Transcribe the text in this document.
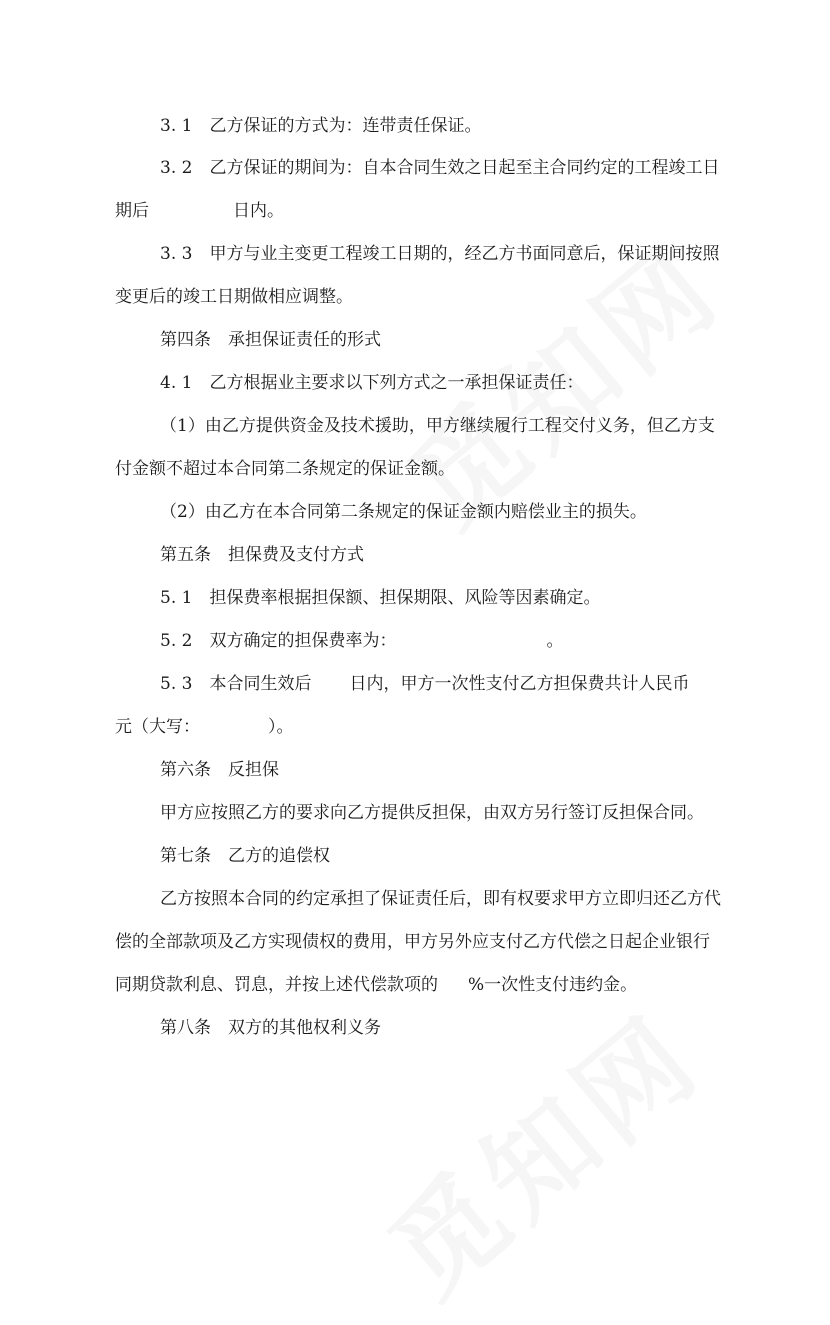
3. 1　乙方保证的方式为：连带责任保证。
3. 2　乙方保证的期间为：自本合同生效之日起至主合同约定的工程竣工日
期后	日内。
3. 3　甲方与业主变更工程竣工日期的，经乙方书面同意后，保证期间按照
变更后的竣工日期做相应调整。
第四条　承担保证责任的形式
4. 1　乙方根据业主要求以下列方式之一承担保证责任：
（1）由乙方提供资金及技术援助，甲方继续履行工程交付义务，但乙方支
付金额不超过本合同第二条规定的保证金额。
（2）由乙方在本合同第二条规定的保证金额内赔偿业主的损失。
第五条　担保费及支付方式
5. 1　担保费率根据担保额、担保期限、风险等因素确定。
5. 2　双方确定的担保费率为：	。
5. 3　本合同生效后 日内，甲方一次性支付乙方担保费共计人民币
元（大写：	）。
第六条　反担保
甲方应按照乙方的要求向乙方提供反担保，由双方另行签订反担保合同。
第七条　乙方的追偿权
乙方按照本合同的约定承担了保证责任后，即有权要求甲方立即归还乙方代
偿的全部款项及乙方实现债权的费用，甲方另外应支付乙方代偿之日起企业银行
同期贷款利息、罚息，并按上述代偿款项的 %一次性支付违约金。
第八条　双方的其他权利义务
